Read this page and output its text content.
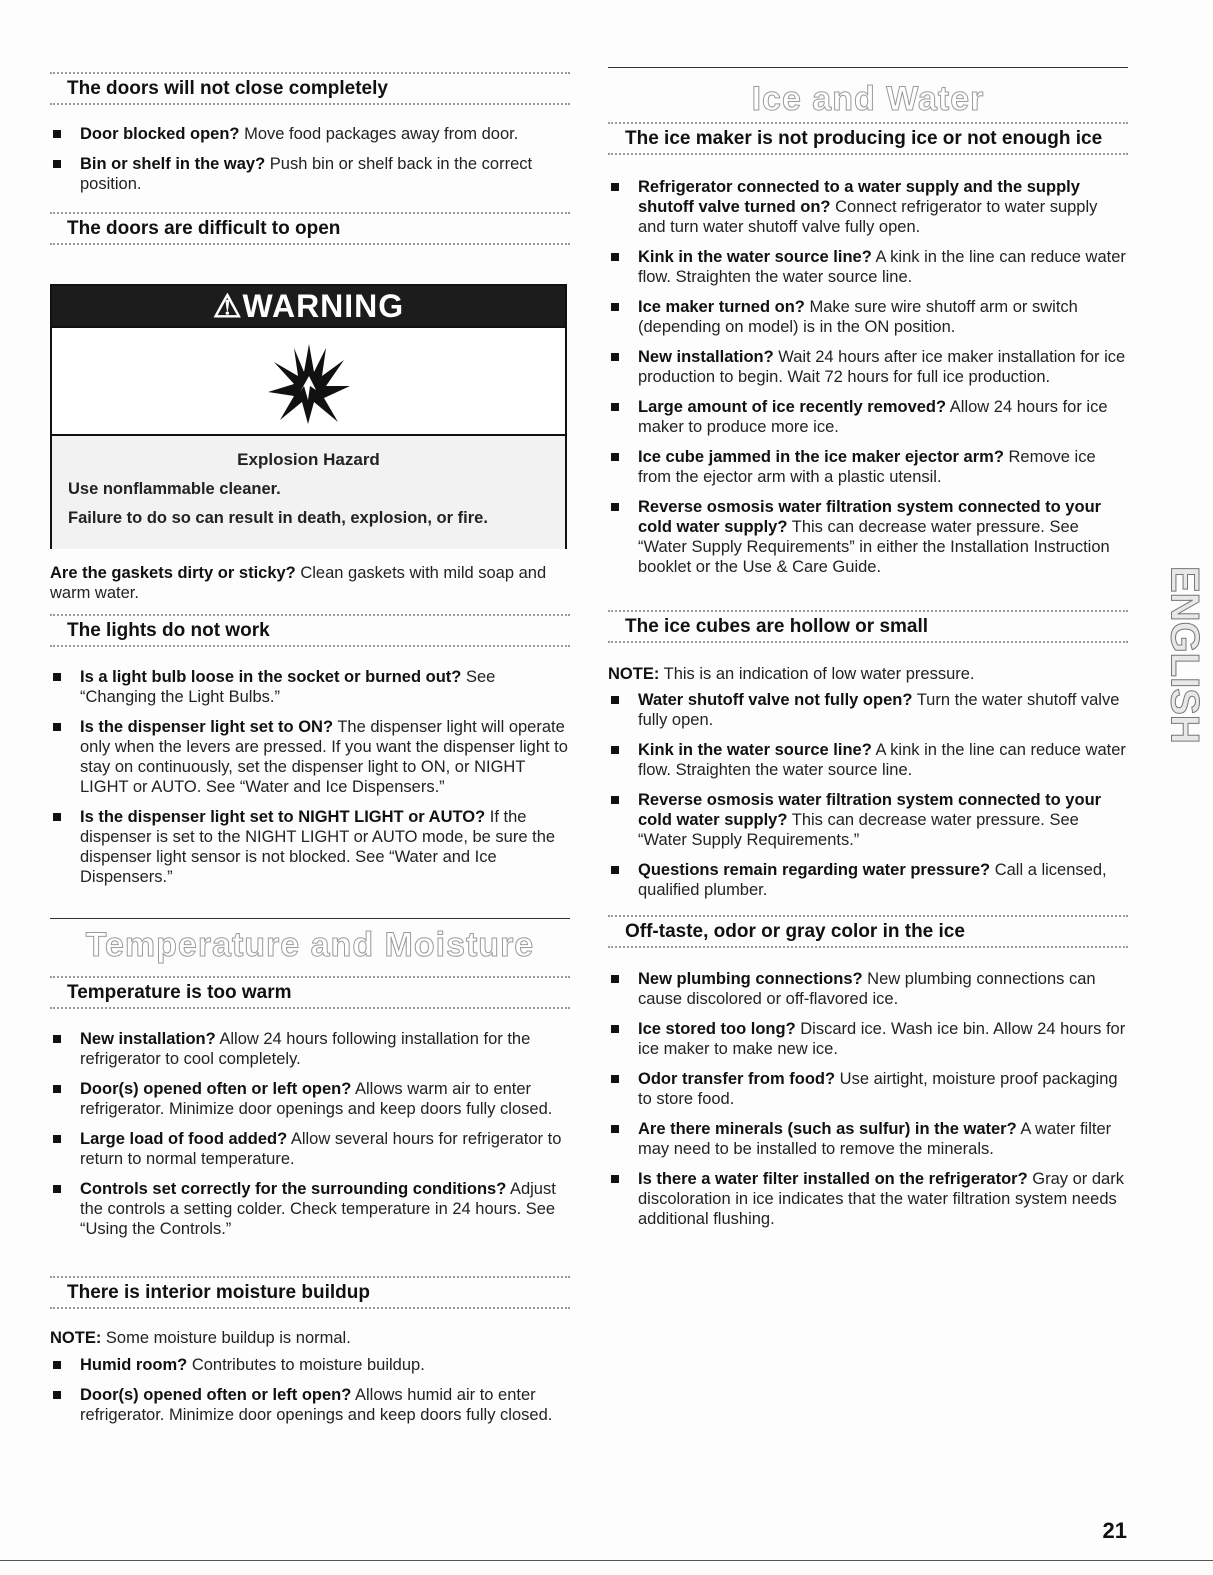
The doors will not close completely
Door blocked open? Move food packages away from door.
Bin or shelf in the way? Push bin or shelf back in the correct position.
The doors are difficult to open
⚠WARNING
Explosion Hazard
Use nonflammable cleaner.
Failure to do so can result in death, explosion, or fire.
Are the gaskets dirty or sticky? Clean gaskets with mild soap and warm water.
The lights do not work
Is a light bulb loose in the socket or burned out? See “Changing the Light Bulbs.”
Is the dispenser light set to ON? The dispenser light will operate only when the levers are pressed. If you want the dispenser light to stay on continuously, set the dispenser light to ON, or NIGHT LIGHT or AUTO. See “Water and Ice Dispensers.”
Is the dispenser light set to NIGHT LIGHT or AUTO? If the dispenser is set to the NIGHT LIGHT or AUTO mode, be sure the dispenser light sensor is not blocked. See “Water and Ice Dispensers.”
Temperature and Moisture
Temperature is too warm
New installation? Allow 24 hours following installation for the refrigerator to cool completely.
Door(s) opened often or left open? Allows warm air to enter refrigerator. Minimize door openings and keep doors fully closed.
Large load of food added? Allow several hours for refrigerator to return to normal temperature.
Controls set correctly for the surrounding conditions? Adjust the controls a setting colder. Check temperature in 24 hours. See “Using the Controls.”
There is interior moisture buildup
NOTE: Some moisture buildup is normal.
Humid room? Contributes to moisture buildup.
Door(s) opened often or left open? Allows humid air to enter refrigerator. Minimize door openings and keep doors fully closed.
Ice and Water
The ice maker is not producing ice or not enough ice
Refrigerator connected to a water supply and the supply shutoff valve turned on? Connect refrigerator to water supply and turn water shutoff valve fully open.
Kink in the water source line? A kink in the line can reduce water flow. Straighten the water source line.
Ice maker turned on? Make sure wire shutoff arm or switch (depending on model) is in the ON position.
New installation? Wait 24 hours after ice maker installation for ice production to begin. Wait 72 hours for full ice production.
Large amount of ice recently removed? Allow 24 hours for ice maker to produce more ice.
Ice cube jammed in the ice maker ejector arm? Remove ice from the ejector arm with a plastic utensil.
Reverse osmosis water filtration system connected to your cold water supply? This can decrease water pressure. See “Water Supply Requirements” in either the Installation Instruction booklet or the Use & Care Guide.
The ice cubes are hollow or small
NOTE: This is an indication of low water pressure.
Water shutoff valve not fully open? Turn the water shutoff valve fully open.
Kink in the water source line? A kink in the line can reduce water flow. Straighten the water source line.
Reverse osmosis water filtration system connected to your cold water supply? This can decrease water pressure. See “Water Supply Requirements.”
Questions remain regarding water pressure? Call a licensed, qualified plumber.
Off-taste, odor or gray color in the ice
New plumbing connections? New plumbing connections can cause discolored or off-flavored ice.
Ice stored too long? Discard ice. Wash ice bin. Allow 24 hours for ice maker to make new ice.
Odor transfer from food? Use airtight, moisture proof packaging to store food.
Are there minerals (such as sulfur) in the water? A water filter may need to be installed to remove the minerals.
Is there a water filter installed on the refrigerator? Gray or dark discoloration in ice indicates that the water filtration system needs additional flushing.
ENGLISH
21
